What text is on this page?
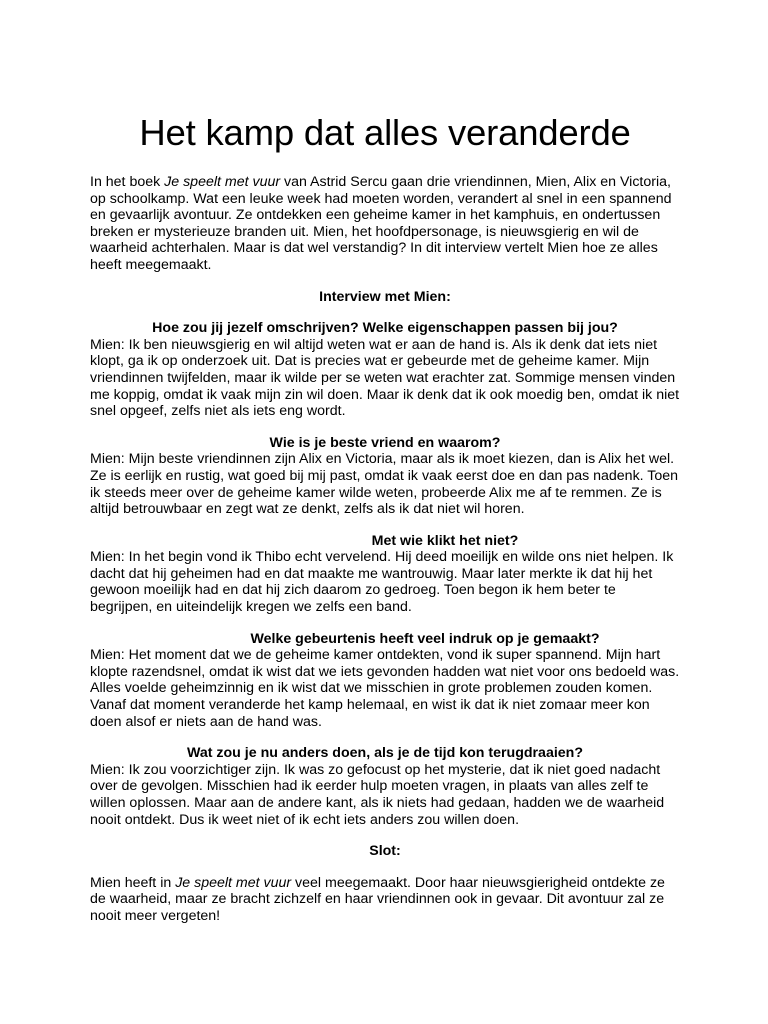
Het kamp dat alles veranderde

In het boek Je speelt met vuur van Astrid Sercu gaan drie vriendinnen, Mien, Alix en Victoria, op schoolkamp. Wat een leuke week had moeten worden, verandert al snel in een spannend en gevaarlijk avontuur. Ze ontdekken een geheime kamer in het kamphuis, en ondertussen breken er mysterieuze branden uit. Mien, het hoofdpersonage, is nieuwsgierig en wil de waarheid achterhalen. Maar is dat wel verstandig? In dit interview vertelt Mien hoe ze alles heeft meegemaakt.

Interview met Mien:

Hoe zou jij jezelf omschrijven? Welke eigenschappen passen bij jou?

Mien: Ik ben nieuwsgierig en wil altijd weten wat er aan de hand is. Als ik denk dat iets niet klopt, ga ik op onderzoek uit. Dat is precies wat er gebeurde met de geheime kamer. Mijn vriendinnen twijfelden, maar ik wilde per se weten wat erachter zat. Sommige mensen vinden me koppig, omdat ik vaak mijn zin wil doen. Maar ik denk dat ik ook moedig ben, omdat ik niet snel opgeef, zelfs niet als iets eng wordt.

Wie is je beste vriend en waarom?

Mien: Mijn beste vriendinnen zijn Alix en Victoria, maar als ik moet kiezen, dan is Alix het wel. Ze is eerlijk en rustig, wat goed bij mij past, omdat ik vaak eerst doe en dan pas nadenk. Toen ik steeds meer over de geheime kamer wilde weten, probeerde Alix me af te remmen. Ze is altijd betrouwbaar en zegt wat ze denkt, zelfs als ik dat niet wil horen.

Met wie klikt het niet?

Mien: In het begin vond ik Thibo echt vervelend. Hij deed moeilijk en wilde ons niet helpen. Ik dacht dat hij geheimen had en dat maakte me wantrouwig. Maar later merkte ik dat hij het gewoon moeilijk had en dat hij zich daarom zo gedroeg. Toen begon ik hem beter te begrijpen, en uiteindelijk kregen we zelfs een band.

Welke gebeurtenis heeft veel indruk op je gemaakt?

Mien: Het moment dat we de geheime kamer ontdekten, vond ik super spannend. Mijn hart klopte razendsnel, omdat ik wist dat we iets gevonden hadden wat niet voor ons bedoeld was. Alles voelde geheimzinnig en ik wist dat we misschien in grote problemen zouden komen. Vanaf dat moment veranderde het kamp helemaal, en wist ik dat ik niet zomaar meer kon doen alsof er niets aan de hand was.

Wat zou je nu anders doen, als je de tijd kon terugdraaien?

Mien: Ik zou voorzichtiger zijn. Ik was zo gefocust op het mysterie, dat ik niet goed nadacht over de gevolgen. Misschien had ik eerder hulp moeten vragen, in plaats van alles zelf te willen oplossen. Maar aan de andere kant, als ik niets had gedaan, hadden we de waarheid nooit ontdekt. Dus ik weet niet of ik echt iets anders zou willen doen.

Slot:

Mien heeft in Je speelt met vuur veel meegemaakt. Door haar nieuwsgierigheid ontdekte ze de waarheid, maar ze bracht zichzelf en haar vriendinnen ook in gevaar. Dit avontuur zal ze nooit meer vergeten!
